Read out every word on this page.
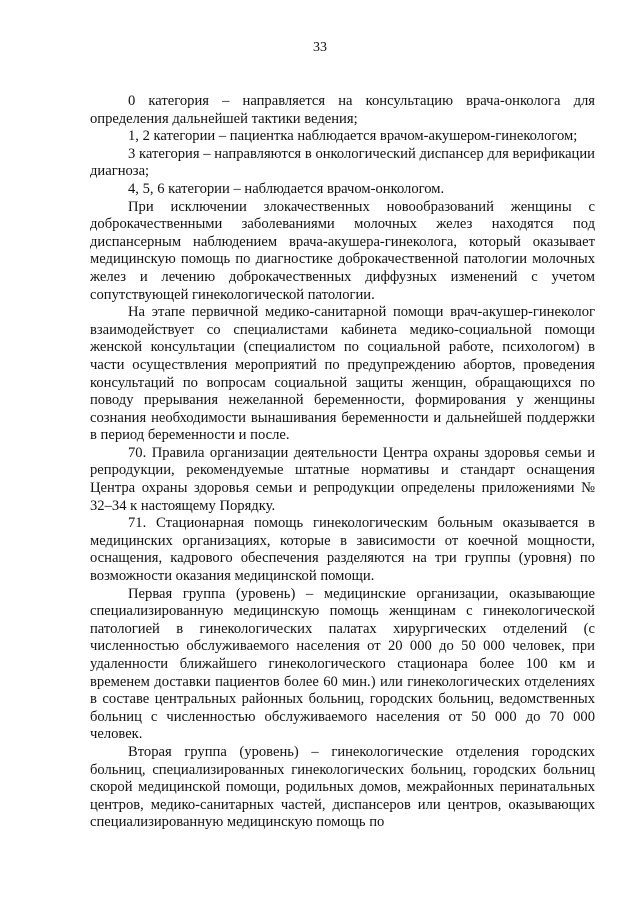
33

0 категория – направляется на консультацию врача-онколога для определения дальнейшей тактики ведения;

1, 2 категории – пациентка наблюдается врачом-акушером-гинекологом;

3 категория – направляются в онкологический диспансер для верификации диагноза;

4, 5, 6 категории – наблюдается врачом-онкологом.

При исключении злокачественных новообразований женщины с доброкачественными заболеваниями молочных желез находятся под диспансерным наблюдением врача-акушера-гинеколога, который оказывает медицинскую помощь по диагностике доброкачественной патологии молочных желез и лечению доброкачественных диффузных изменений с учетом сопутствующей гинекологической патологии.

На этапе первичной медико-санитарной помощи врач-акушер-гинеколог взаимодействует со специалистами кабинета медико-социальной помощи женской консультации (специалистом по социальной работе, психологом) в части осуществления мероприятий по предупреждению абортов, проведения консультаций по вопросам социальной защиты женщин, обращающихся по поводу прерывания нежеланной беременности, формирования у женщины сознания необходимости вынашивания беременности и дальнейшей поддержки в период беременности и после.

70. Правила организации деятельности Центра охраны здоровья семьи и репродукции, рекомендуемые штатные нормативы и стандарт оснащения Центра охраны здоровья семьи и репродукции определены приложениями № 32–34 к настоящему Порядку.

71. Стационарная помощь гинекологическим больным оказывается в медицинских организациях, которые в зависимости от коечной мощности, оснащения, кадрового обеспечения разделяются на три группы (уровня) по возможности оказания медицинской помощи.

Первая группа (уровень) – медицинские организации, оказывающие специализированную медицинскую помощь женщинам с гинекологической патологией в гинекологических палатах хирургических отделений (с численностью обслуживаемого населения от 20 000 до 50 000 человек, при удаленности ближайшего гинекологического стационара более 100 км и временем доставки пациентов более 60 мин.) или гинекологических отделениях в составе центральных районных больниц, городских больниц, ведомственных больниц с численностью обслуживаемого населения от 50 000 до 70 000 человек.

Вторая группа (уровень) – гинекологические отделения городских больниц, специализированных гинекологических больниц, городских больниц скорой медицинской помощи, родильных домов, межрайонных перинатальных центров, медико-санитарных частей, диспансеров или центров, оказывающих специализированную медицинскую помощь по
